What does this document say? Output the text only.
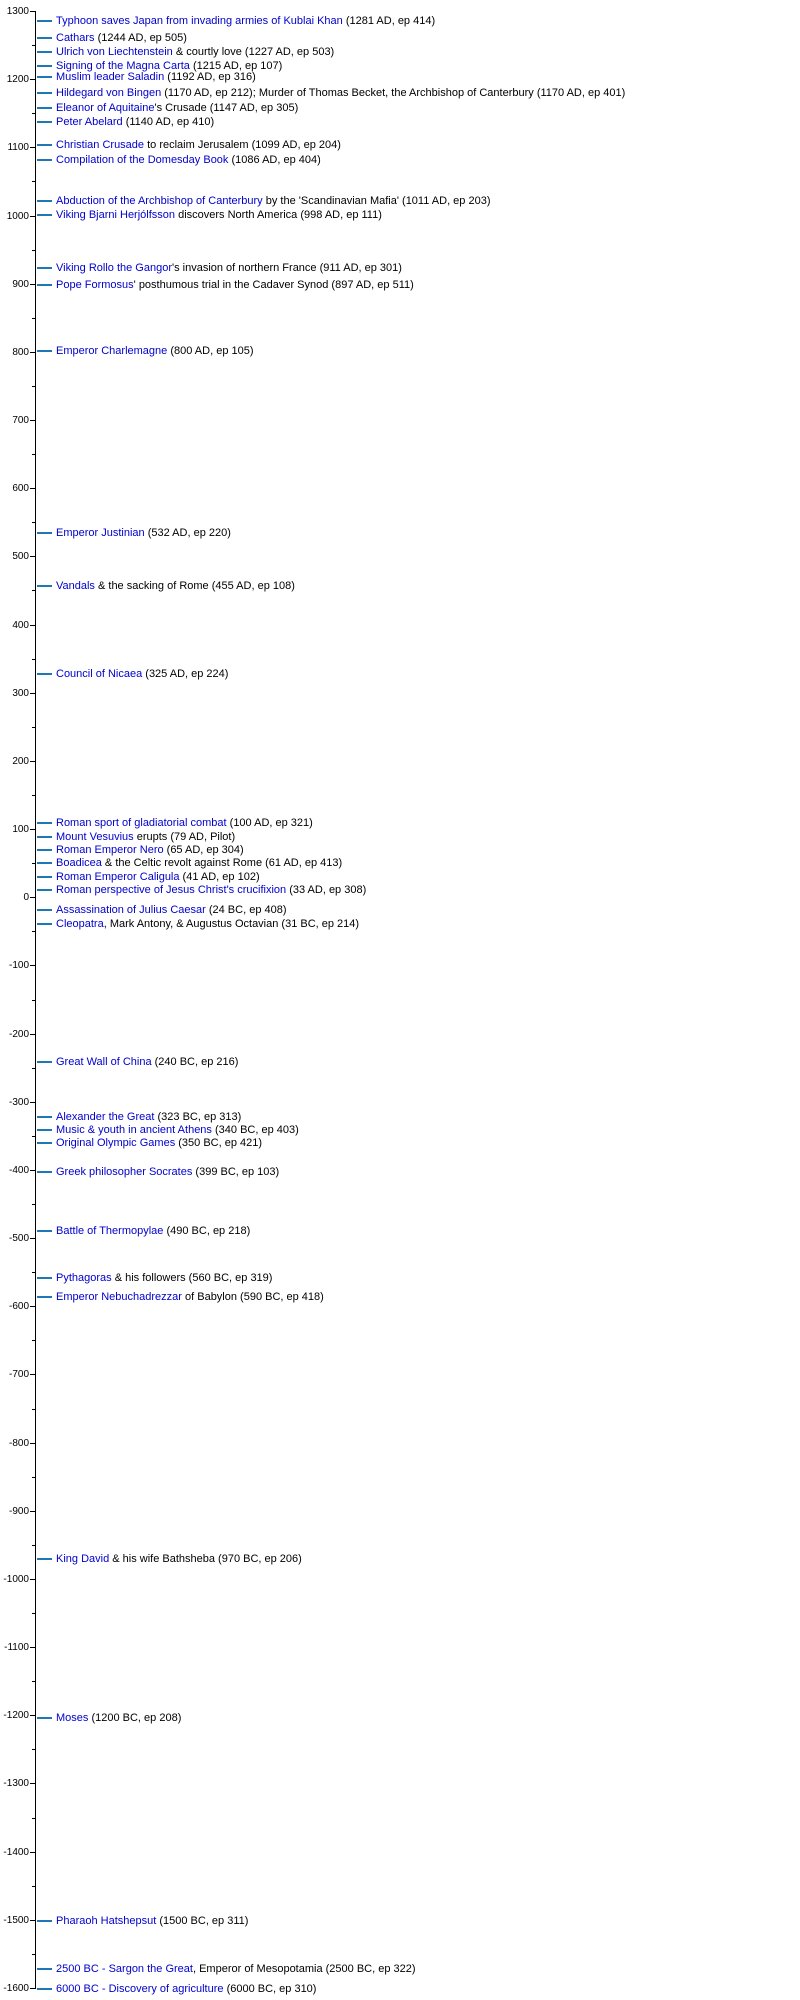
1300
1200
1100
1000
900
800
700
600
500
400
300
200
100
0
-100
-200
-300
-400
-500
-600
-700
-800
-900
-1000
-1100
-1200
-1300
-1400
-1500
-1600
Typhoon saves Japan from invading armies of Kublai Khan (1281 AD, ep 414)
Cathars (1244 AD, ep 505)
Ulrich von Liechtenstein & courtly love (1227 AD, ep 503)
Signing of the Magna Carta (1215 AD, ep 107)
Muslim leader Saladin (1192 AD, ep 316)
Hildegard von Bingen (1170 AD, ep 212); Murder of Thomas Becket, the Archbishop of Canterbury (1170 AD, ep 401)
Eleanor of Aquitaine's Crusade (1147 AD, ep 305)
Peter Abelard (1140 AD, ep 410)
Christian Crusade to reclaim Jerusalem (1099 AD, ep 204)
Compilation of the Domesday Book (1086 AD, ep 404)
Abduction of the Archbishop of Canterbury by the 'Scandinavian Mafia' (1011 AD, ep 203)
Viking Bjarni Herjólfsson discovers North America (998 AD, ep 111)
Viking Rollo the Gangor's invasion of northern France (911 AD, ep 301)
Pope Formosus' posthumous trial in the Cadaver Synod (897 AD, ep 511)
Emperor Charlemagne (800 AD, ep 105)
Emperor Justinian (532 AD, ep 220)
Vandals & the sacking of Rome (455 AD, ep 108)
Council of Nicaea (325 AD, ep 224)
Roman sport of gladiatorial combat (100 AD, ep 321)
Mount Vesuvius erupts (79 AD, Pilot)
Roman Emperor Nero (65 AD, ep 304)
Boadicea & the Celtic revolt against Rome (61 AD, ep 413)
Roman Emperor Caligula (41 AD, ep 102)
Roman perspective of Jesus Christ's crucifixion (33 AD, ep 308)
Assassination of Julius Caesar (24 BC, ep 408)
Cleopatra, Mark Antony, & Augustus Octavian (31 BC, ep 214)
Great Wall of China (240 BC, ep 216)
Alexander the Great (323 BC, ep 313)
Music & youth in ancient Athens (340 BC, ep 403)
Original Olympic Games (350 BC, ep 421)
Greek philosopher Socrates (399 BC, ep 103)
Battle of Thermopylae (490 BC, ep 218)
Pythagoras & his followers (560 BC, ep 319)
Emperor Nebuchadrezzar of Babylon (590 BC, ep 418)
King David & his wife Bathsheba (970 BC, ep 206)
Moses (1200 BC, ep 208)
Pharaoh Hatshepsut (1500 BC, ep 311)
2500 BC - Sargon the Great, Emperor of Mesopotamia (2500 BC, ep 322)
6000 BC - Discovery of agriculture (6000 BC, ep 310)
